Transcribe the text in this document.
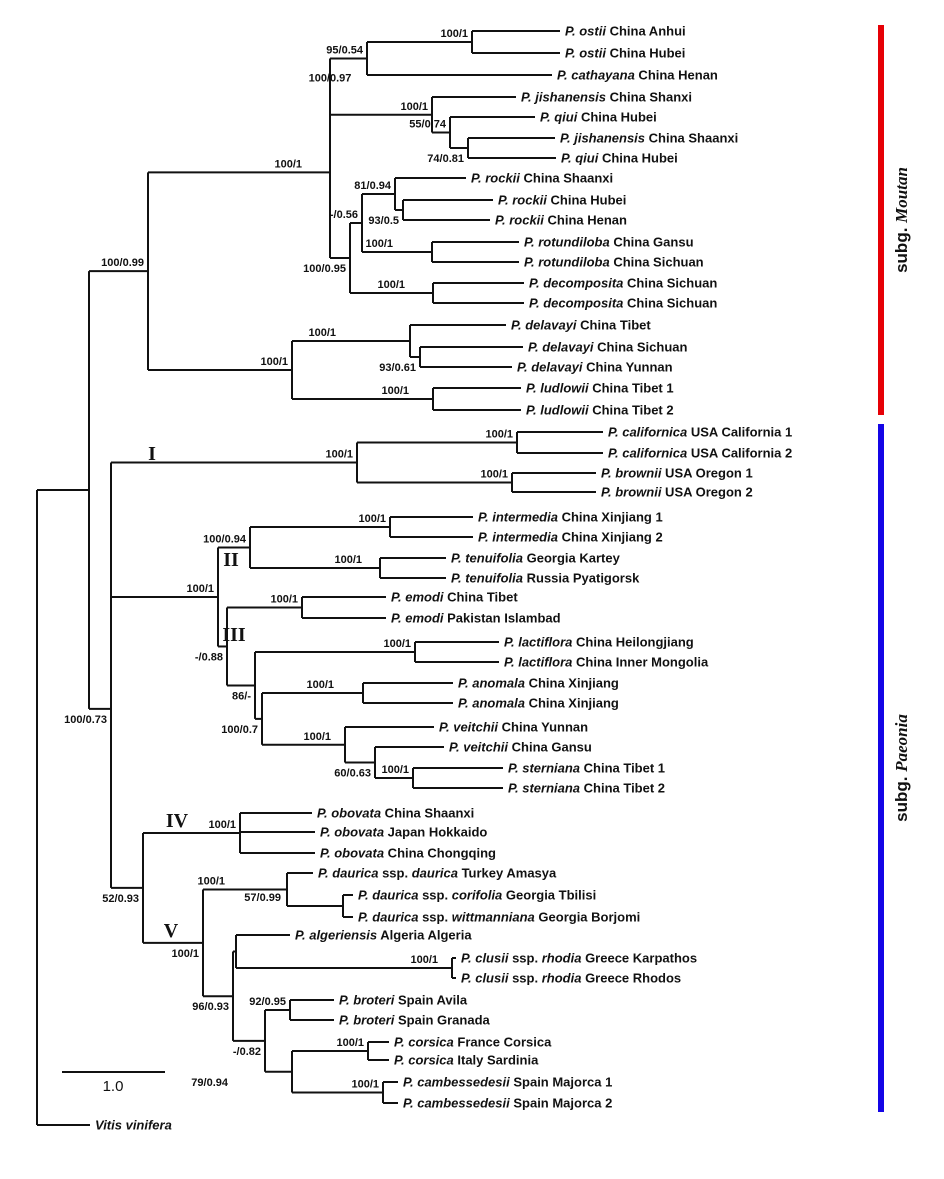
P. ostii China Anhui
P. ostii China Hubei
100/1
P. cathayana China Henan
95/0.54
P. jishanensis China Shanxi
P. qiui China Hubei
P. jishanensis China Shaanxi
P. qiui China Hubei
74/0.81
55/0.74
100/1
100/0.97
P. rockii China Shaanxi
P. rockii China Hubei
P. rockii China Henan
93/0.5
81/0.94
P. rotundiloba China Gansu
P. rotundiloba China Sichuan
100/1
-/0.56
P. decomposita China Sichuan
P. decomposita China Sichuan
100/1
100/0.95
100/1
P. delavayi China Tibet
P. delavayi China Sichuan
P. delavayi China Yunnan
93/0.61
100/1
P. ludlowii China Tibet 1
P. ludlowii China Tibet 2
100/1
100/1
100/0.99
P. californica USA California 1
P. californica USA California 2
100/1
P. brownii USA Oregon 1
P. brownii USA Oregon 2
100/1
100/1
P. intermedia China Xinjiang 1
P. intermedia China Xinjiang 2
100/1
P. tenuifolia Georgia Kartey
P. tenuifolia Russia Pyatigorsk
100/1
100/0.94
P. emodi China Tibet
P. emodi Pakistan Islambad
100/1
P. lactiflora China Heilongjiang
P. lactiflora China Inner Mongolia
100/1
P. anomala China Xinjiang
P. anomala China Xinjiang
100/1
P. veitchii China Yunnan
P. veitchii China Gansu
P. sterniana China Tibet 1
P. sterniana China Tibet 2
100/1
60/0.63
100/1
100/0.7
86/-
-/0.88
100/1
P. obovata China Shaanxi
P. obovata Japan Hokkaido
P. obovata China Chongqing
100/1
P. daurica ssp. daurica Turkey Amasya
P. daurica ssp. corifolia Georgia Tbilisi
P. daurica ssp. wittmanniana Georgia Borjomi
57/0.99
100/1
P. algeriensis Algeria Algeria
P. clusii ssp. rhodia Greece Karpathos
P. clusii ssp. rhodia Greece Rhodos
100/1
P. broteri Spain Avila
P. broteri Spain Granada
92/0.95
P. corsica France Corsica
P. corsica Italy Sardinia
100/1
P. cambessedesii Spain Majorca 1
P. cambessedesii Spain Majorca 2
100/1
79/0.94
-/0.82
96/0.93
100/1
52/0.93
100/0.73
Vitis vinifera
I
II
III
IV
V
subg. Moutan
subg. Paeonia
1.0
